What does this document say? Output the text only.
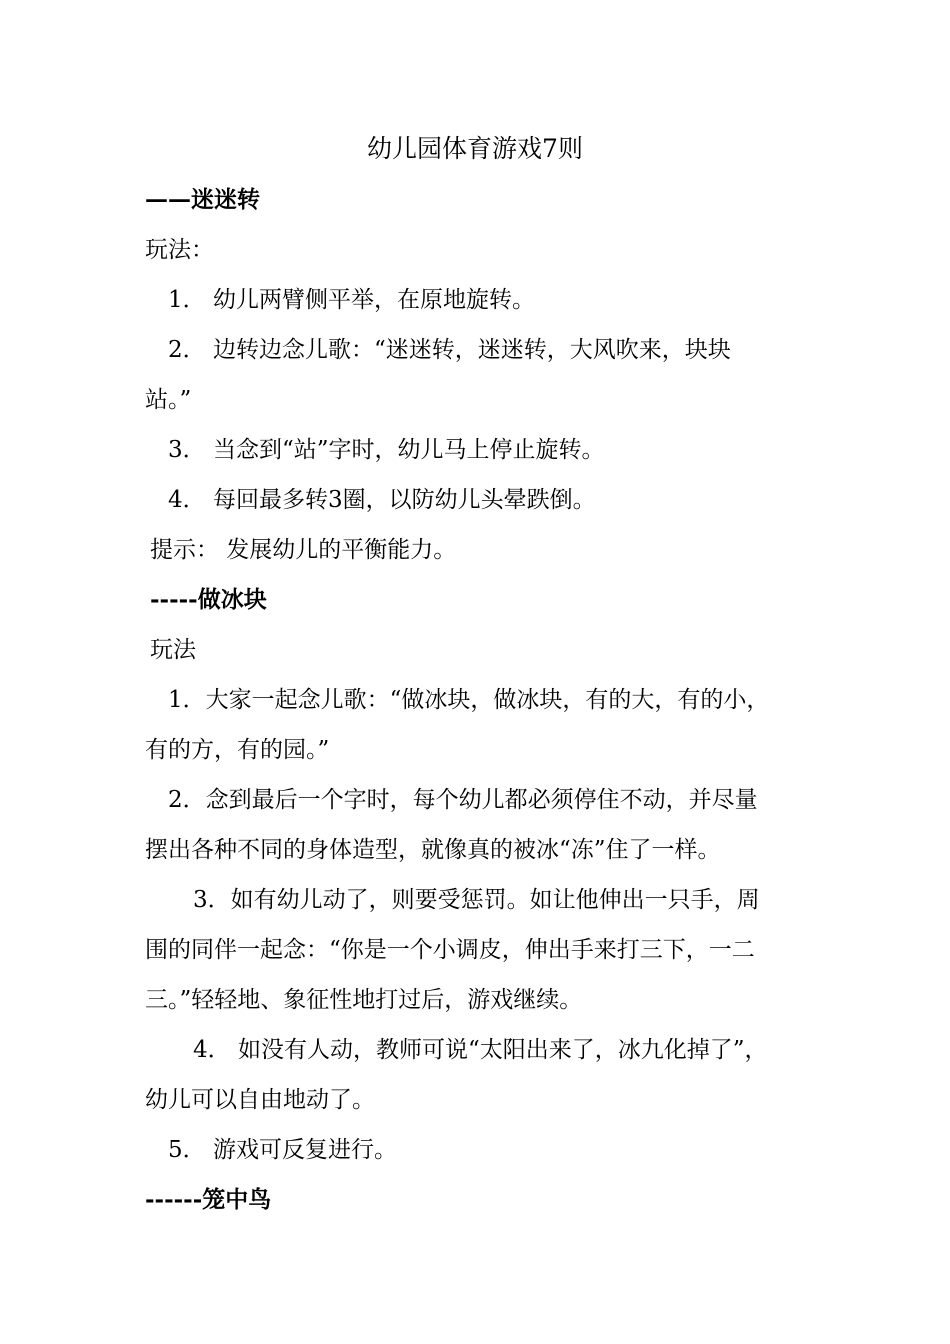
幼儿园体育游戏7则
——迷迷转
玩法：
1． 幼儿两臂侧平举，在原地旋转。
2． 边转边念儿歌：“迷迷转，迷迷转，大风吹来，块块
站。”
3． 当念到“站”字时，幼儿马上停止旋转。
4． 每回最多转3圈，以防幼儿头晕跌倒。
提示： 发展幼儿的平衡能力。
-----做冰块
玩法
1．大家一起念儿歌：“做冰块，做冰块，有的大，有的小，
有的方，有的园。”
2．念到最后一个字时，每个幼儿都必须停住不动，并尽量
摆出各种不同的身体造型，就像真的被冰“冻”住了一样。
3．如有幼儿动了，则要受惩罚。如让他伸出一只手，周
围的同伴一起念：“你是一个小调皮，伸出手来打三下，一二
三。”轻轻地、象征性地打过后，游戏继续。
4． 如没有人动，教师可说“太阳出来了，冰九化掉了”，
幼儿可以自由地动了。
5． 游戏可反复进行。
------笼中鸟
